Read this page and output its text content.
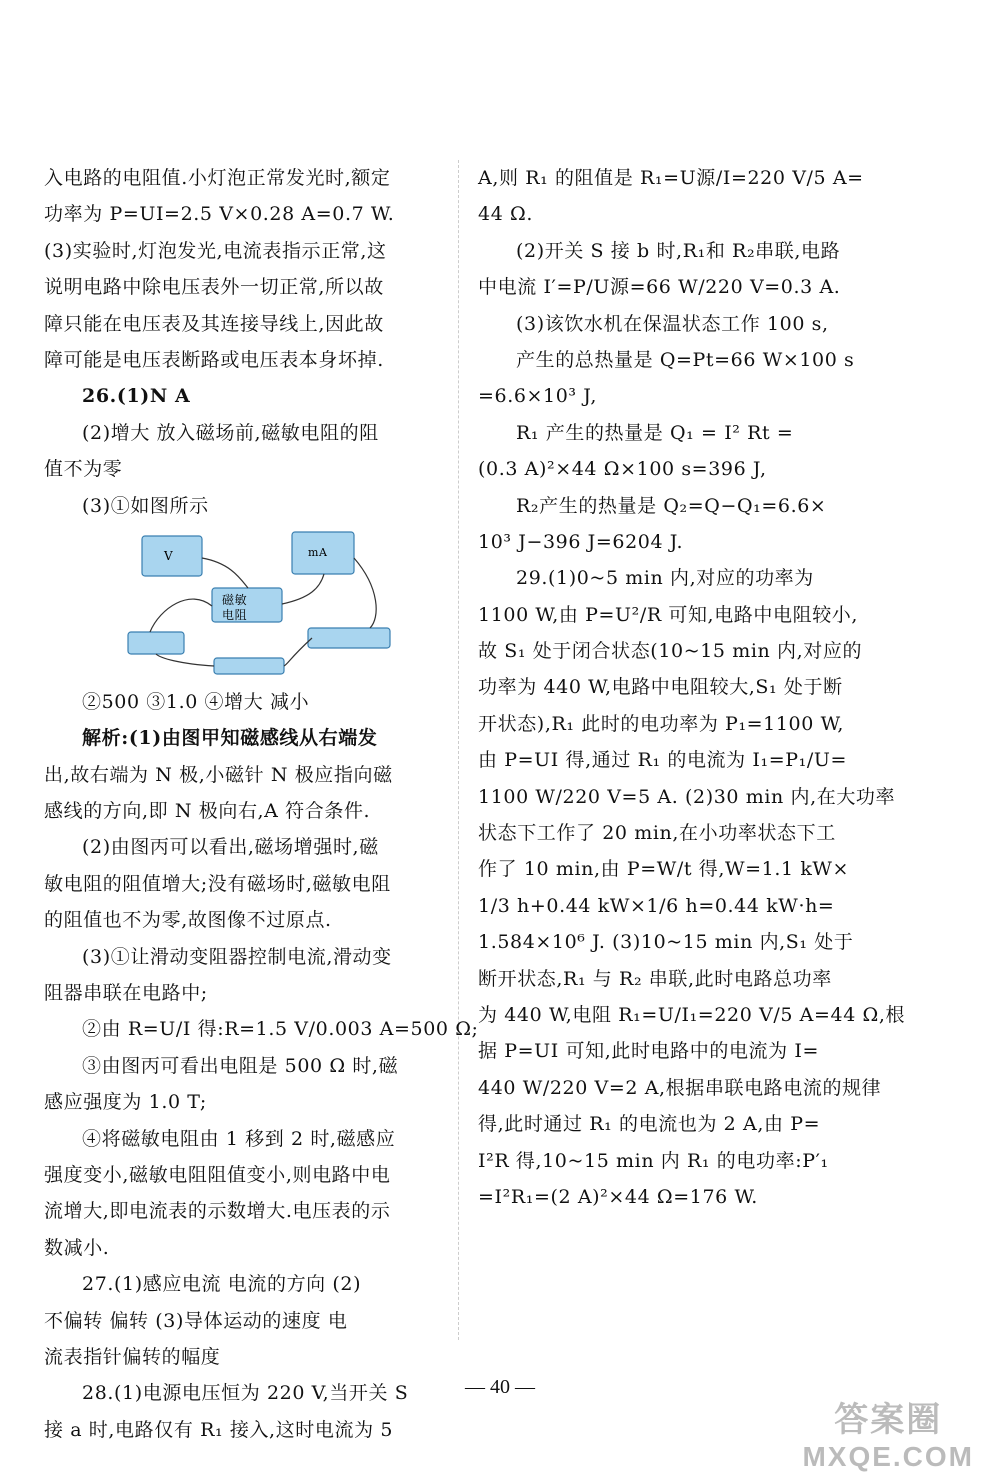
入电路的电阻值.小灯泡正常发光时,额定
功率为 P=UI=2.5 V×0.28 A=0.7 W.
(3)实验时,灯泡发光,电流表指示正常,这
说明电路中除电压表外一切正常,所以故
障只能在电压表及其连接导线上,因此故
障可能是电压表断路或电压表本身坏掉.
26.(1)N A
(2)增大 放入磁场前,磁敏电阻的阻
值不为零
(3)①如图所示
V	mA
磁敏
电阻
②500 ③1.0 ④增大 减小
解析:(1)由图甲知磁感线从右端发
出,故右端为 N 极,小磁针 N 极应指向磁
感线的方向,即 N 极向右,A 符合条件.
(2)由图丙可以看出,磁场增强时,磁
敏电阻的阻值增大;没有磁场时,磁敏电阻
的阻值也不为零,故图像不过原点.
(3)①让滑动变阻器控制电流,滑动变
阻器串联在电路中;
②由 R=U/I 得:R=1.5 V/0.003 A=500 Ω;
③由图丙可看出电阻是 500 Ω 时,磁
感应强度为 1.0 T;
④将磁敏电阻由 1 移到 2 时,磁感应
强度变小,磁敏电阻阻值变小,则电路中电
流增大,即电流表的示数增大.电压表的示
数减小.
27.(1)感应电流 电流的方向 (2)
不偏转 偏转 (3)导体运动的速度 电
流表指针偏转的幅度
28.(1)电源电压恒为 220 V,当开关 S
接 a 时,电路仅有 R₁ 接入,这时电流为 5
A,则 R₁ 的阻值是 R₁=U源/I=220 V/5 A=
44 Ω.
(2)开关 S 接 b 时,R₁和 R₂串联,电路
中电流 I′=P/U源=66 W/220 V=0.3 A.
(3)该饮水机在保温状态工作 100 s,
产生的总热量是 Q=Pt=66 W×100 s
=6.6×10³ J,
R₁ 产生的热量是 Q₁ = I² Rt =
(0.3 A)²×44 Ω×100 s=396 J,
R₂产生的热量是 Q₂=Q−Q₁=6.6×
10³ J−396 J=6204 J.
29.(1)0~5 min 内,对应的功率为
1100 W,由 P=U²/R 可知,电路中电阻较小,
故 S₁ 处于闭合状态(10~15 min 内,对应的
功率为 440 W,电路中电阻较大,S₁ 处于断
开状态),R₁ 此时的电功率为 P₁=1100 W,
由 P=UI 得,通过 R₁ 的电流为 I₁=P₁/U=
1100 W/220 V=5 A. (2)30 min 内,在大功率
状态下工作了 20 min,在小功率状态下工
作了 10 min,由 P=W/t 得,W=1.1 kW×
1/3 h+0.44 kW×1/6 h=0.44 kW·h=
1.584×10⁶ J. (3)10~15 min 内,S₁ 处于
断开状态,R₁ 与 R₂ 串联,此时电路总功率
为 440 W,电阻 R₁=U/I₁=220 V/5 A=44 Ω,根
据 P=UI 可知,此时电路中的电流为 I=
440 W/220 V=2 A,根据串联电路电流的规律
得,此时通过 R₁ 的电流也为 2 A,由 P=
I²R 得,10~15 min 内 R₁ 的电功率:P′₁
=I²R₁=(2 A)²×44 Ω=176 W.
— 40 —
答案圈
MXQE.COM
